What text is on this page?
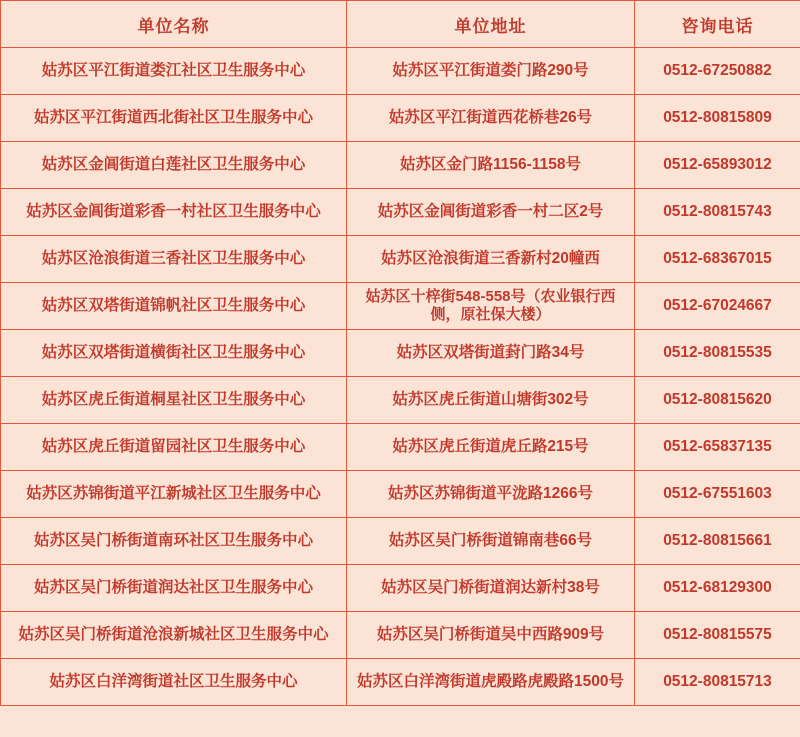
单位名称	单位地址	咨询电话
姑苏区平江街道娄江社区卫生服务中心	姑苏区平江街道娄门路290号	0512-67250882
姑苏区平江街道西北街社区卫生服务中心	姑苏区平江街道西花桥巷26号	0512-80815809
姑苏区金阊街道白莲社区卫生服务中心	姑苏区金门路1156-1158号	0512-65893012
姑苏区金阊街道彩香一村社区卫生服务中心	姑苏区金阊街道彩香一村二区2号	0512-80815743
姑苏区沧浪街道三香社区卫生服务中心	姑苏区沧浪街道三香新村20幢西	0512-68367015
姑苏区双塔街道锦帆社区卫生服务中心	姑苏区十梓街548-558号（农业银行西侧，原社保大楼）	0512-67024667
姑苏区双塔街道横街社区卫生服务中心	姑苏区双塔街道葑门路34号	0512-80815535
姑苏区虎丘街道桐星社区卫生服务中心	姑苏区虎丘街道山塘街302号	0512-80815620
姑苏区虎丘街道留园社区卫生服务中心	姑苏区虎丘街道虎丘路215号	0512-65837135
姑苏区苏锦街道平江新城社区卫生服务中心	姑苏区苏锦街道平泷路1266号	0512-67551603
姑苏区吴门桥街道南环社区卫生服务中心	姑苏区吴门桥街道锦南巷66号	0512-80815661
姑苏区吴门桥街道润达社区卫生服务中心	姑苏区吴门桥街道润达新村38号	0512-68129300
姑苏区吴门桥街道沧浪新城社区卫生服务中心	姑苏区吴门桥街道吴中西路909号	0512-80815575
姑苏区白洋湾街道社区卫生服务中心	姑苏区白洋湾街道虎殿路虎殿路1500号	0512-80815713
